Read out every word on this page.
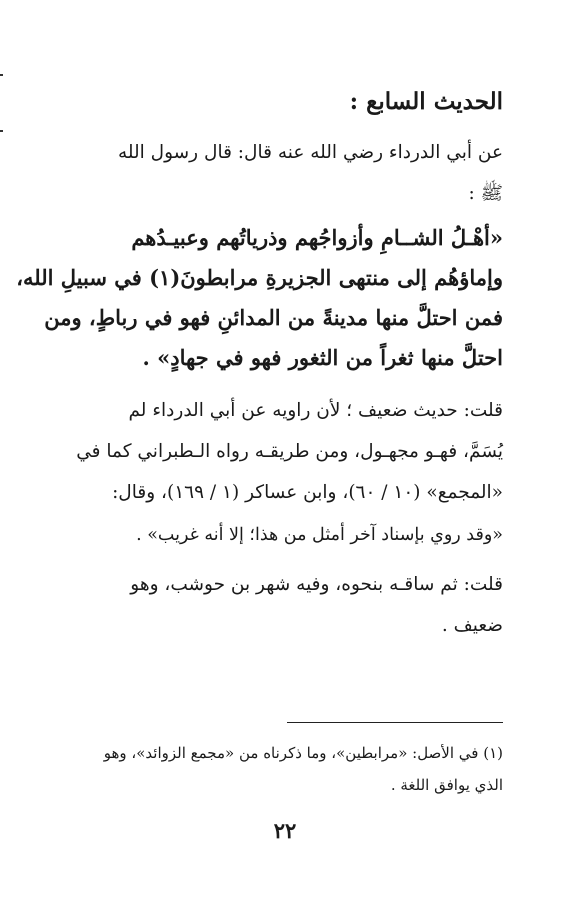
الحديث السابع :
عن أبي الدرداء رضي الله عنه قال: قال رسول الله
ﷺ :
«أهْـلُ الشــامِ وأزواجُهم وذرياتُهم وعبيـدُهم
وإماؤهُم إلى منتهى الجزيرةِ مرابطونَ(١) في سبيلِ الله،
فمن احتلَّ منها مدينةً من المدائنِ فهو في رباطٍ، ومن
احتلَّ منها ثغراً من الثغور فهو في جهادٍ» .
قلت: حديث ضعيف ؛ لأن راويه عن أبي الدرداء لم
يُسَمَّ، فهـو مجهـول، ومن طريقـه رواه الـطبراني كما في
«المجمع» (١٠ / ٦٠)، وابن عساكر (١ / ١٦٩)، وقال:
«وقد روي بإسناد آخر أمثل من هذا؛ إلا أنه غريب» .
قلت: ثم ساقـه بنحوه، وفيه شهر بن حوشب، وهو
ضعيف .
(١) في الأصل: «مرابطين»، وما ذكرناه من «مجمع الزوائد»، وهو
الذي يوافق اللغة .
٢٢
